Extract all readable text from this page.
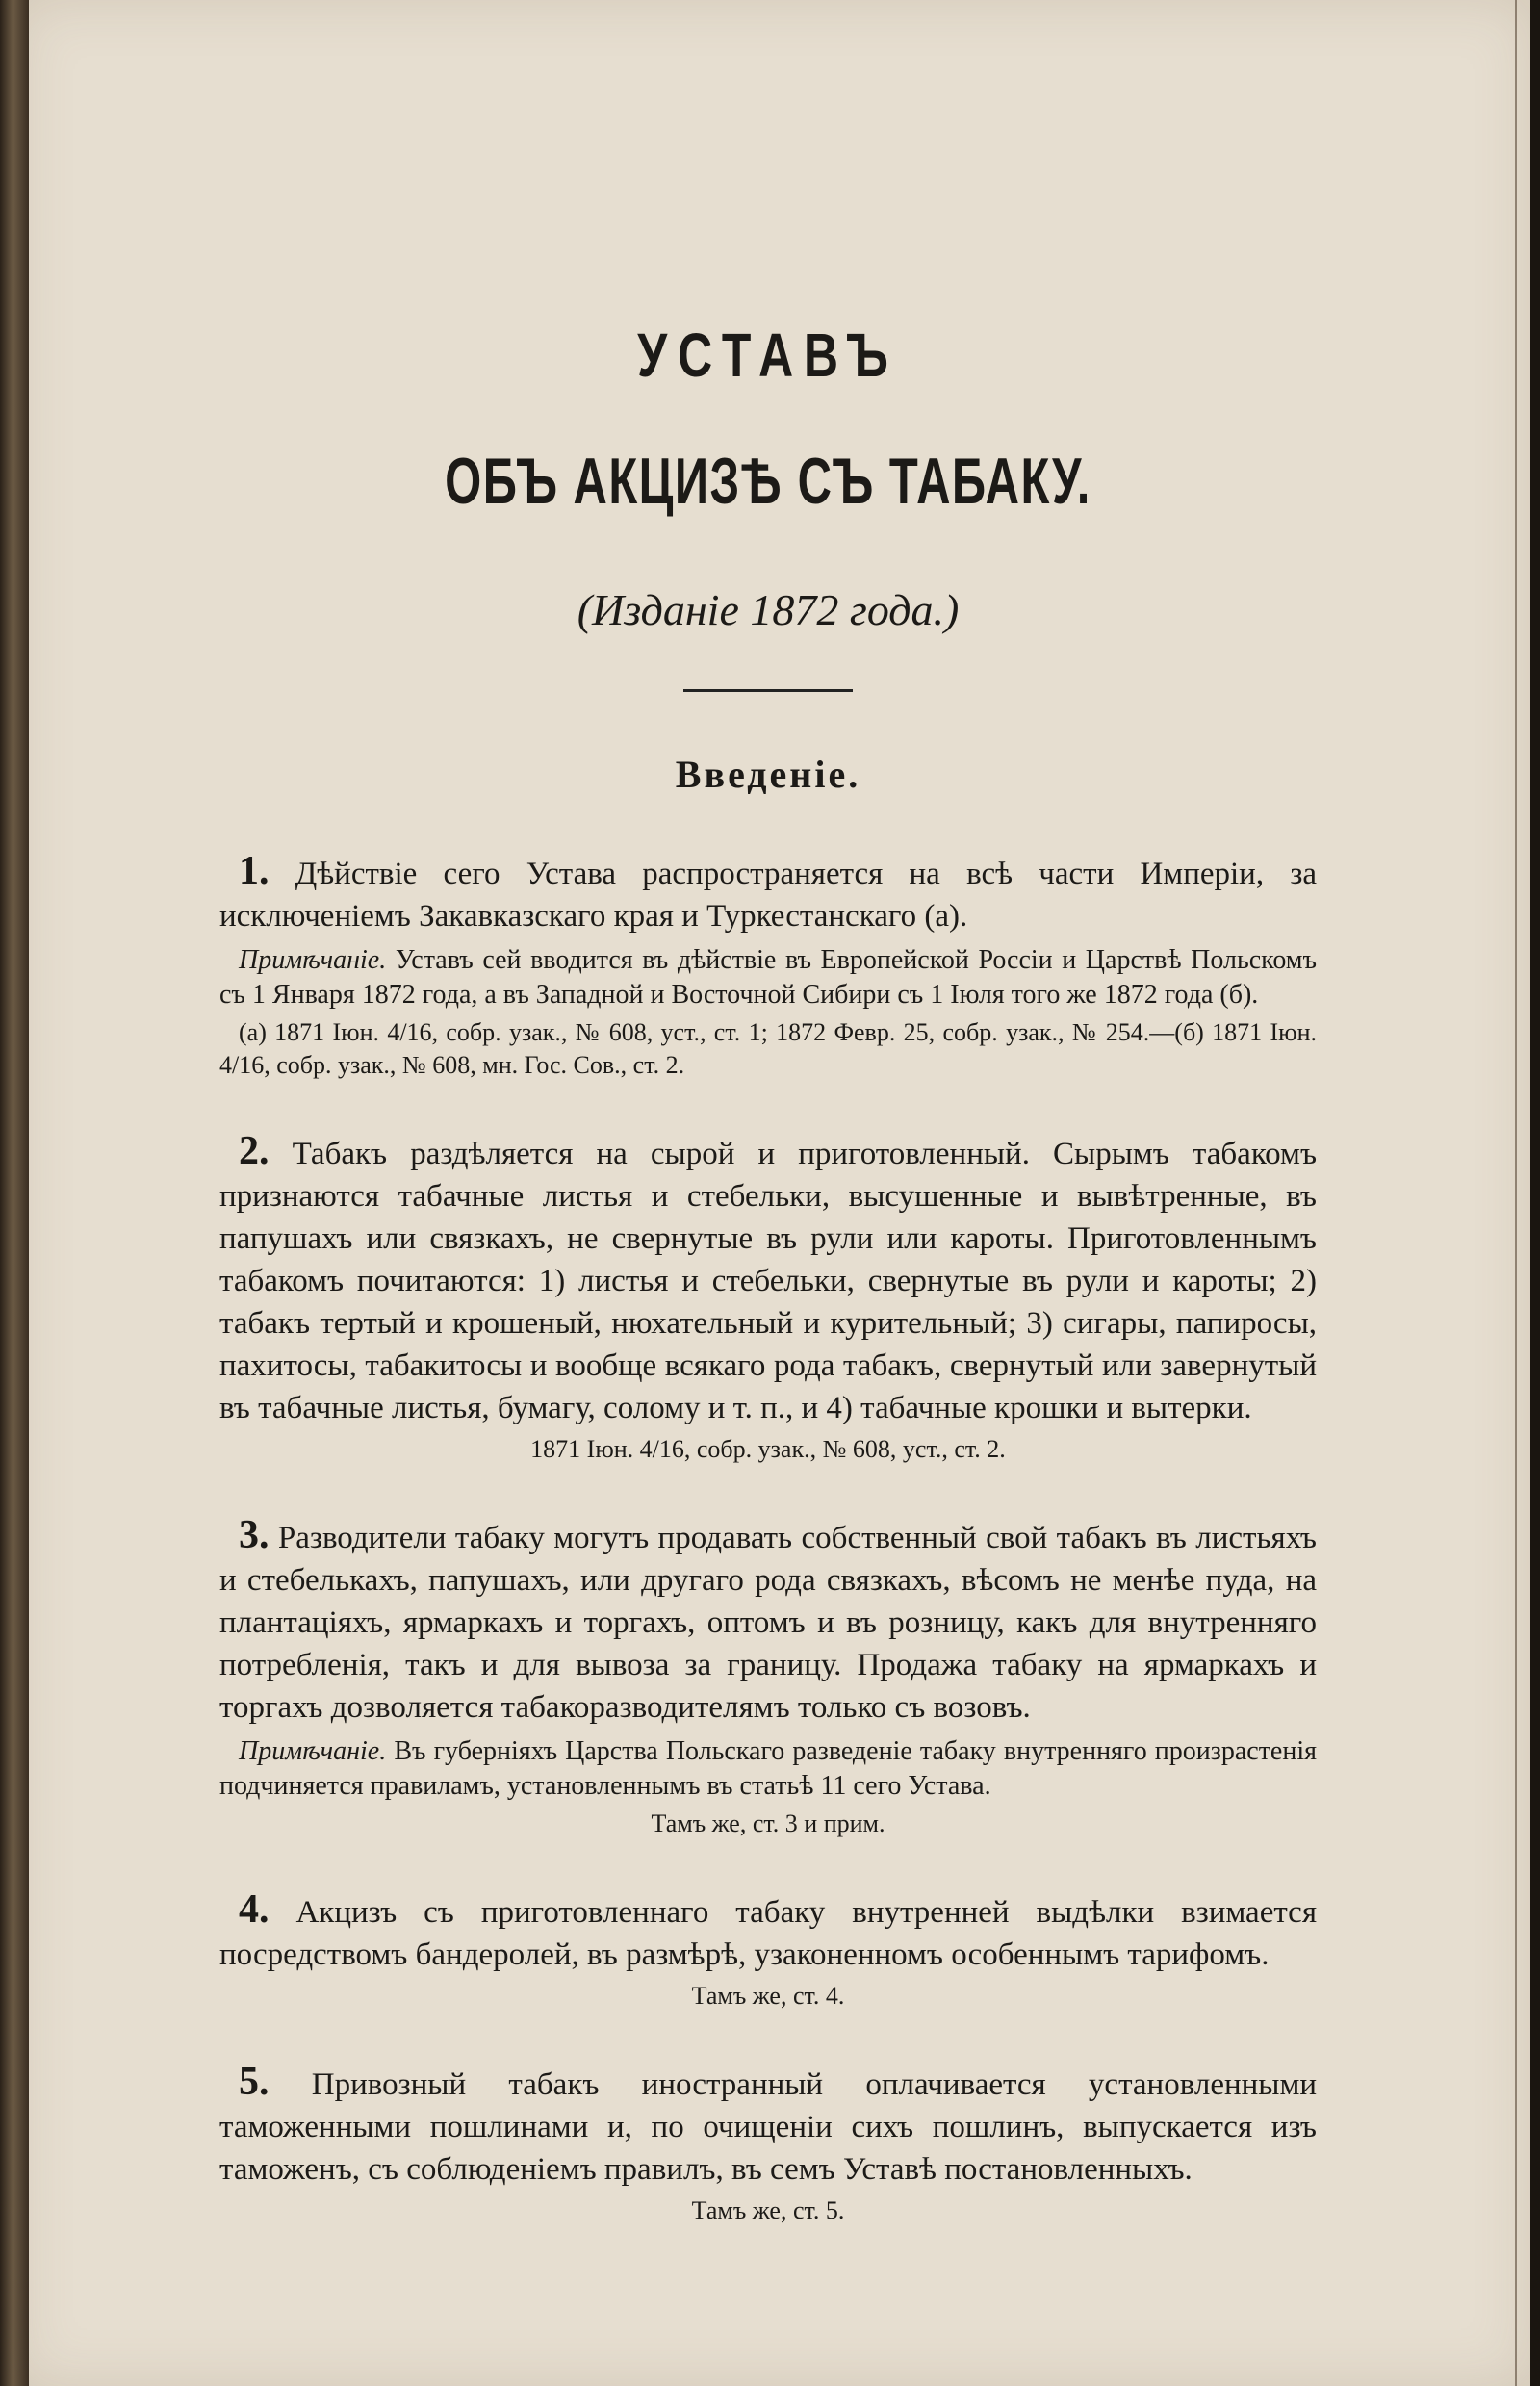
УСТАВЪ
ОБЪ АКЦИЗѢ СЪ ТАБАКУ.
(Изданіе 1872 года.)
Введеніе.

1. Дѣйствіе сего Устава распространяется на всѣ части Имперіи, за исключеніемъ Закавказскаго края и Туркестанскаго (а).

Примѣчаніе. Уставъ сей вводится въ дѣйствіе въ Европейской Россіи и Царствѣ Польскомъ съ 1 Января 1872 года, а въ Западной и Восточной Сибири съ 1 Іюля того же 1872 года (б).

(а) 1871 Іюн. 4/16, собр. узак., № 608, уст., ст. 1; 1872 Февр. 25, собр. узак., № 254.—(б) 1871 Іюн. 4/16, собр. узак., № 608, мн. Гос. Сов., ст. 2.

2. Табакъ раздѣляется на сырой и приготовленный. Сырымъ табакомъ признаются табачные листья и стебельки, высушенные и вывѣтренные, въ папушахъ или связкахъ, не свернутые въ рули или кароты. Приготовленнымъ табакомъ почитаются: 1) листья и стебельки, свернутые въ рули и кароты; 2) табакъ тертый и крошеный, нюхательный и курительный; 3) сигары, папиросы, пахитосы, табакитосы и вообще всякаго рода табакъ, свернутый или завернутый въ табачные листья, бумагу, солому и т. п., и 4) табачные крошки и вытерки.

1871 Іюн. 4/16, собр. узак., № 608, уст., ст. 2.

3. Разводители табаку могутъ продавать собственный свой табакъ въ листьяхъ и стебелькахъ, папушахъ, или другаго рода связкахъ, вѣсомъ не менѣе пуда, на плантаціяхъ, ярмаркахъ и торгахъ, оптомъ и въ розницу, какъ для внутренняго потребленія, такъ и для вывоза за границу. Продажа табаку на ярмаркахъ и торгахъ дозволяется табакоразводителямъ только съ возовъ.

Примѣчаніе. Въ губерніяхъ Царства Польскаго разведеніе табаку внутренняго произрастенія подчиняется правиламъ, установленнымъ въ статьѣ 11 сего Устава.

Тамъ же, ст. 3 и прим.

4. Акцизъ съ приготовленнаго табаку внутренней выдѣлки взимается посредствомъ бандеролей, въ размѣрѣ, узаконенномъ особеннымъ тарифомъ.

Тамъ же, ст. 4.

5. Привозный табакъ иностранный оплачивается установленными таможенными пошлинами и, по очищеніи сихъ пошлинъ, выпускается изъ таможенъ, съ соблюденіемъ правилъ, въ семъ Уставѣ постановленныхъ.

Тамъ же, ст. 5.
